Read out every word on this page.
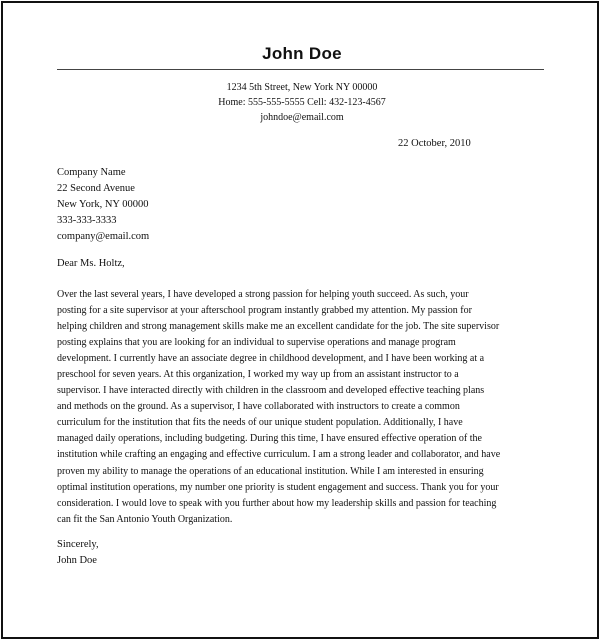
John Doe
1234 5th Street, New York NY 00000
Home: 555-555-5555 Cell: 432-123-4567
johndoe@email.com
22 October, 2010
Company Name
22 Second Avenue
New York, NY 00000
333-333-3333
company@email.com
Dear Ms. Holtz,
Over the last several years, I have developed a strong passion for helping youth succeed. As such, your
posting for a site supervisor at your afterschool program instantly grabbed my attention. My passion for
helping children and strong management skills make me an excellent candidate for the job. The site supervisor
posting explains that you are looking for an individual to supervise operations and manage program
development. I currently have an associate degree in childhood development, and I have been working at a
preschool for seven years. At this organization, I worked my way up from an assistant instructor to a
supervisor. I have interacted directly with children in the classroom and developed effective teaching plans
and methods on the ground. As a supervisor, I have collaborated with instructors to create a common
curriculum for the institution that fits the needs of our unique student population. Additionally, I have
managed daily operations, including budgeting. During this time, I have ensured effective operation of the
institution while crafting an engaging and effective curriculum. I am a strong leader and collaborator, and have
proven my ability to manage the operations of an educational institution. While I am interested in ensuring
optimal institution operations, my number one priority is student engagement and success. Thank you for your
consideration. I would love to speak with you further about how my leadership skills and passion for teaching
can fit the San Antonio Youth Organization.
Sincerely,
John Doe
